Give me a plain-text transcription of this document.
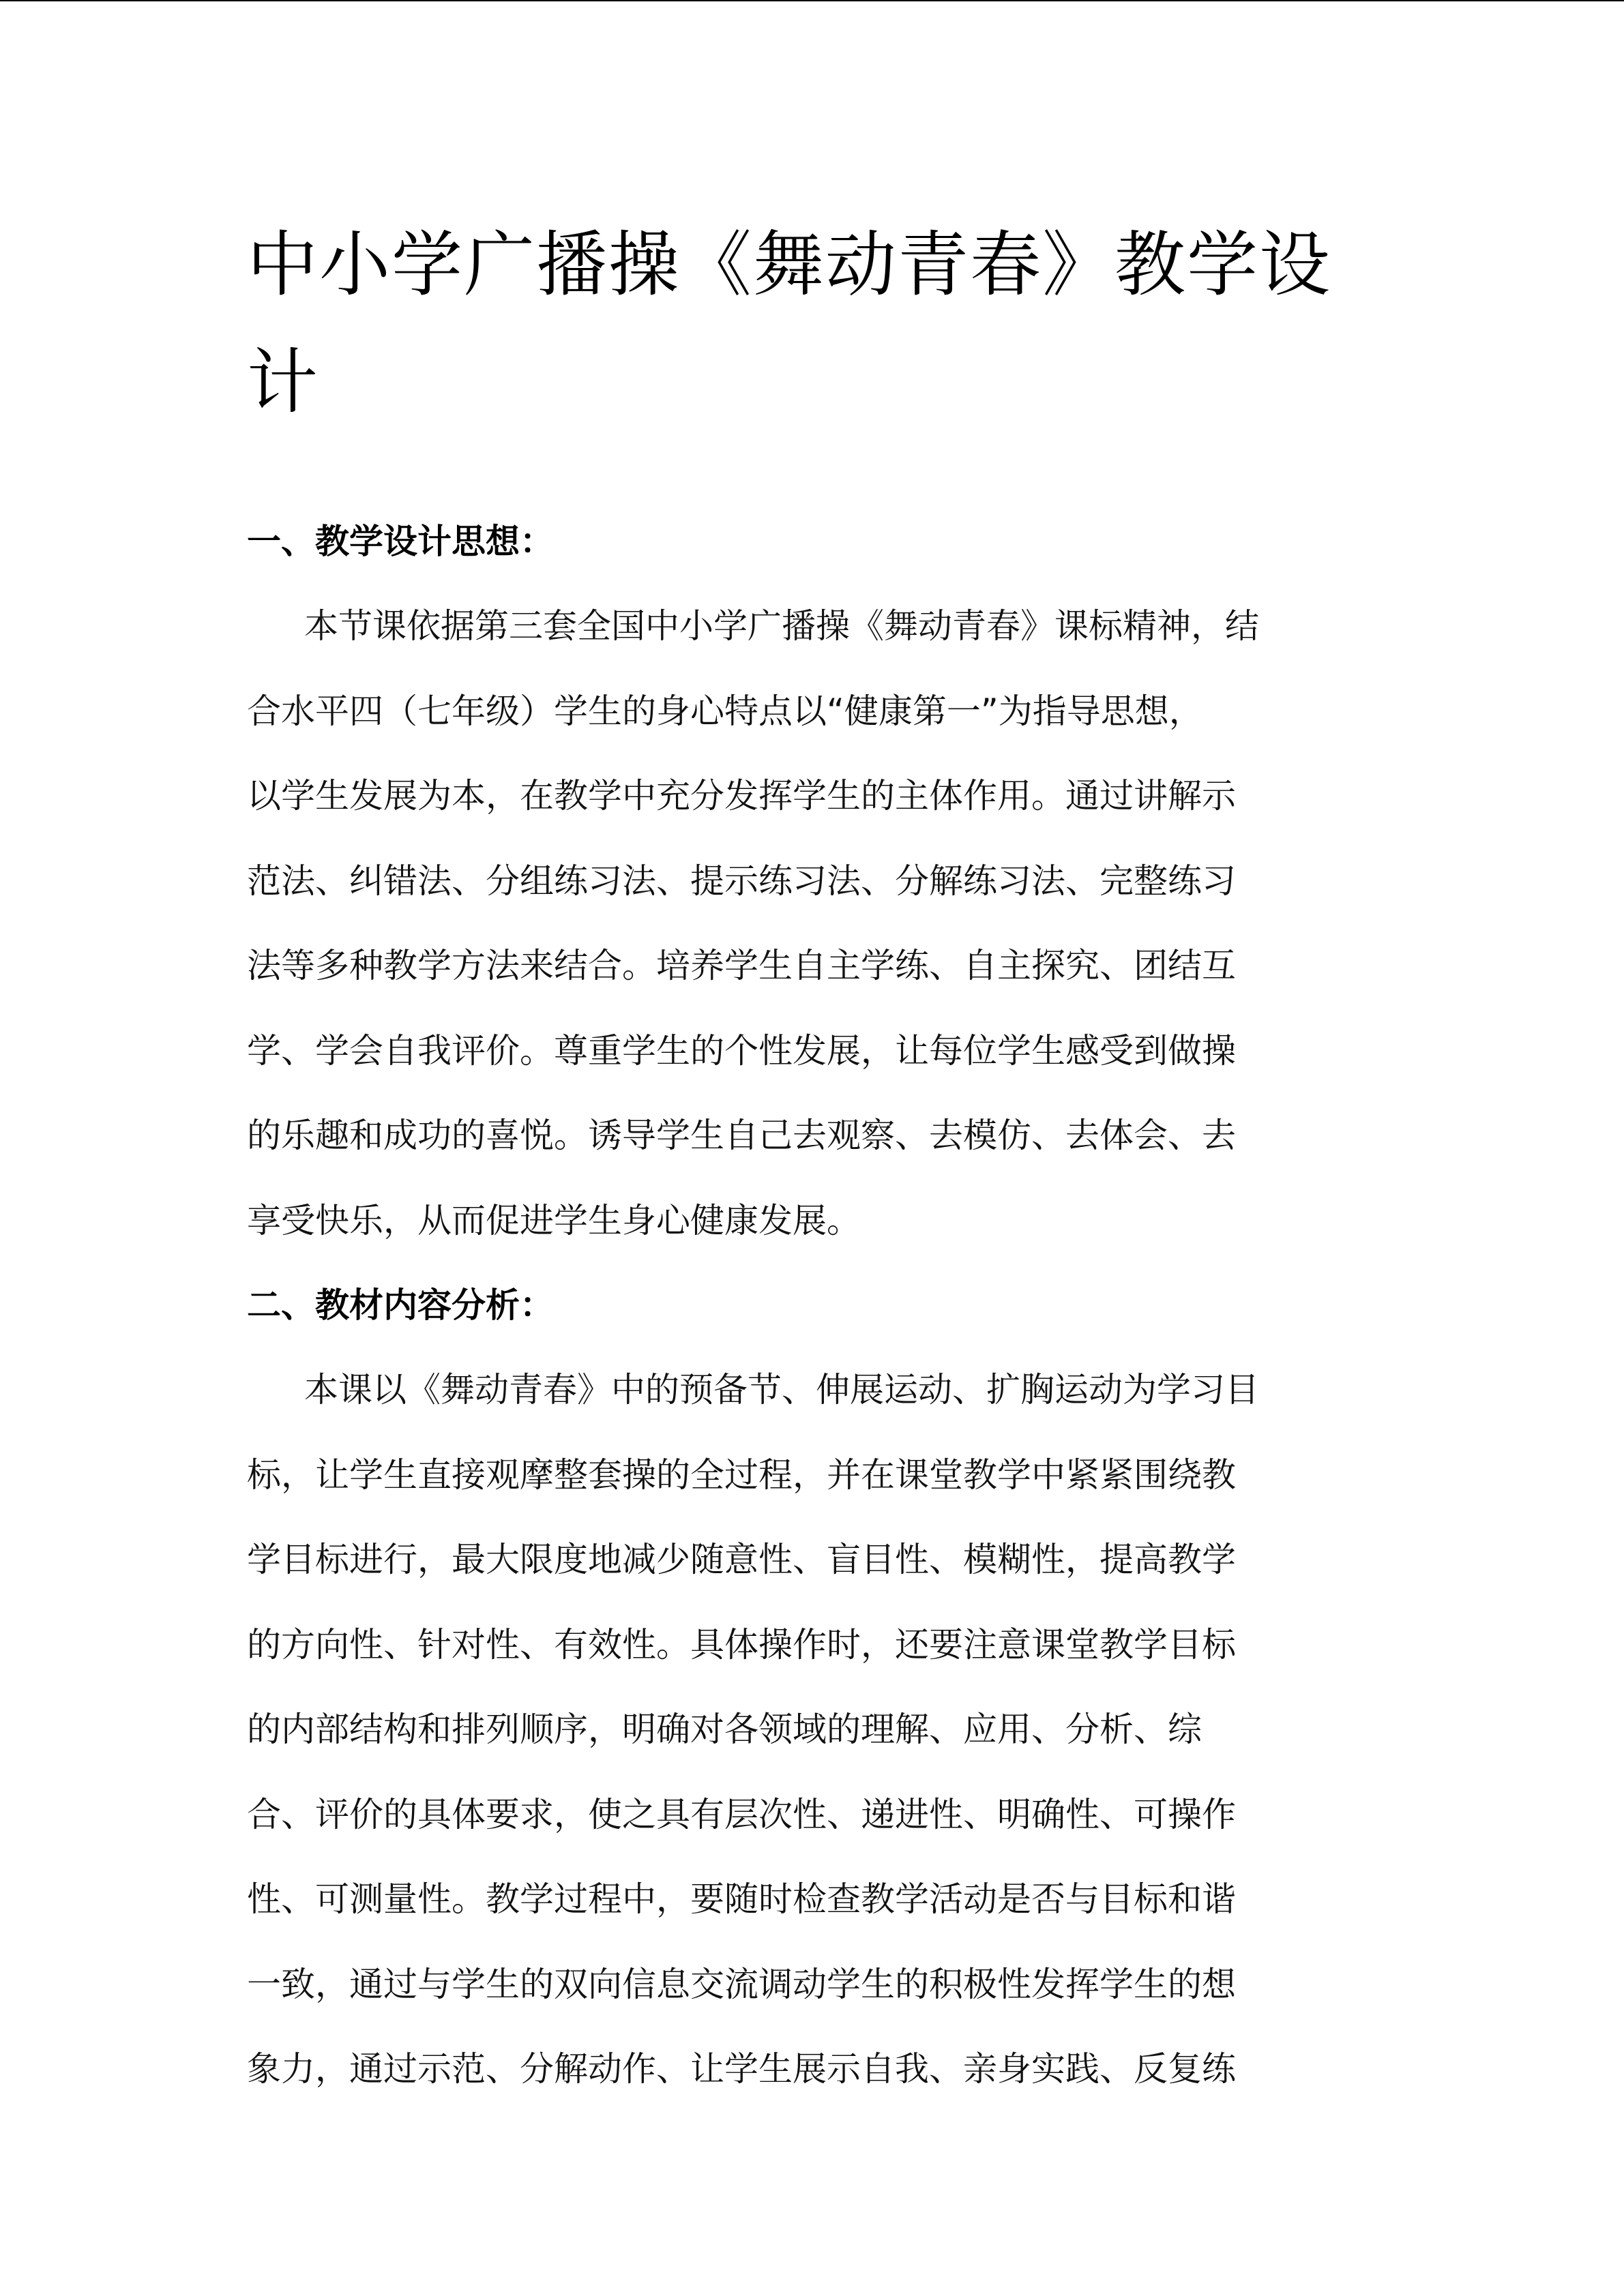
中小学广播操《舞动青春》教学设
计
一、教学设计思想：
本节课依据第三套全国中小学广播操《舞动青春》课标精神，结
合水平四（七年级）学生的身心特点以“健康第一”为指导思想，
以学生发展为本，在教学中充分发挥学生的主体作用。通过讲解示
范法、纠错法、分组练习法、提示练习法、分解练习法、完整练习
法等多种教学方法来结合。培养学生自主学练、自主探究、团结互
学、学会自我评价。尊重学生的个性发展，让每位学生感受到做操
的乐趣和成功的喜悦。诱导学生自己去观察、去模仿、去体会、去
享受快乐，从而促进学生身心健康发展。
二、教材内容分析：
本课以《舞动青春》中的预备节、伸展运动、扩胸运动为学习目
标，让学生直接观摩整套操的全过程，并在课堂教学中紧紧围绕教
学目标进行，最大限度地减少随意性、盲目性、模糊性，提高教学
的方向性、针对性、有效性。具体操作时，还要注意课堂教学目标
的内部结构和排列顺序，明确对各领域的理解、应用、分析、综
合、评价的具体要求，使之具有层次性、递进性、明确性、可操作
性、可测量性。教学过程中，要随时检查教学活动是否与目标和谐
一致，通过与学生的双向信息交流调动学生的积极性发挥学生的想
象力，通过示范、分解动作、让学生展示自我、亲身实践、反复练
